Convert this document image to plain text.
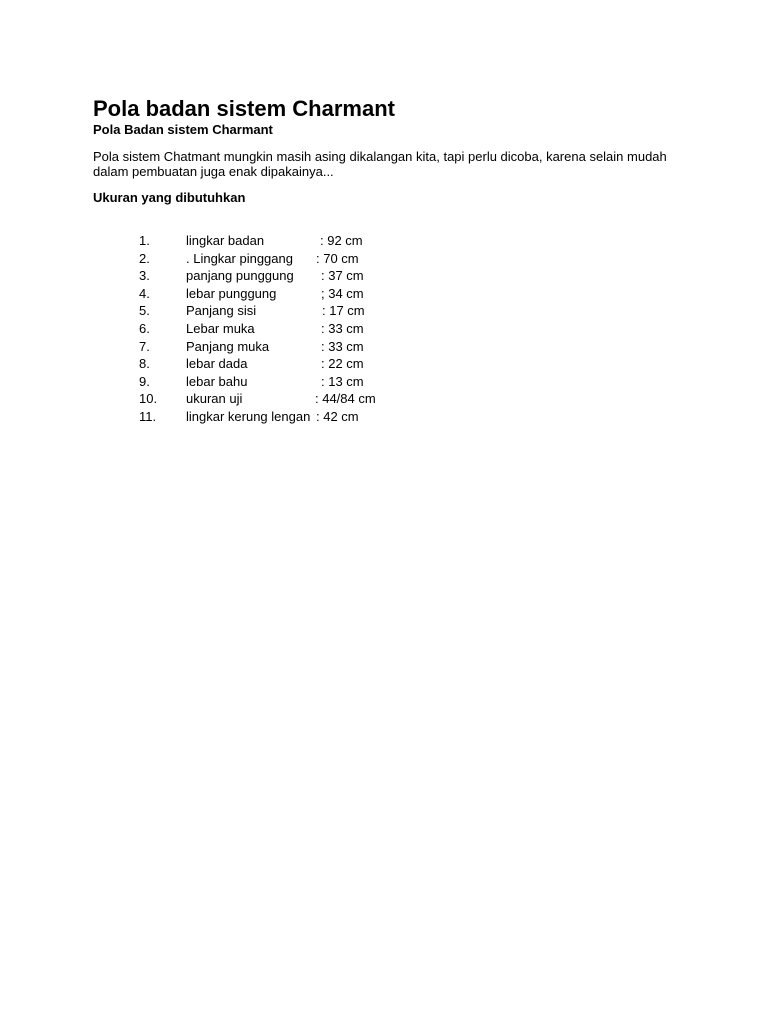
Pola badan sistem Charmant
Pola Badan sistem Charmant
Pola sistem Chatmant mungkin masih asing dikalangan kita, tapi perlu dicoba, karena selain mudah
dalam pembuatan juga enak dipakainya...
Ukuran yang dibutuhkan
1.	lingkar badan	: 92 cm
2.	. Lingkar pinggang : 70 cm
3.	panjang punggung : 37 cm
4.	lebar punggung	; 34 cm
5.	Panjang sisi	: 17 cm
6.	Lebar muka	: 33 cm
7.	Panjang muka	: 33 cm
8.	lebar dada	: 22 cm
9.	lebar bahu	: 13 cm
10. ukuran uji	: 44/84 cm
11. lingkar kerung lengan : 42 cm
